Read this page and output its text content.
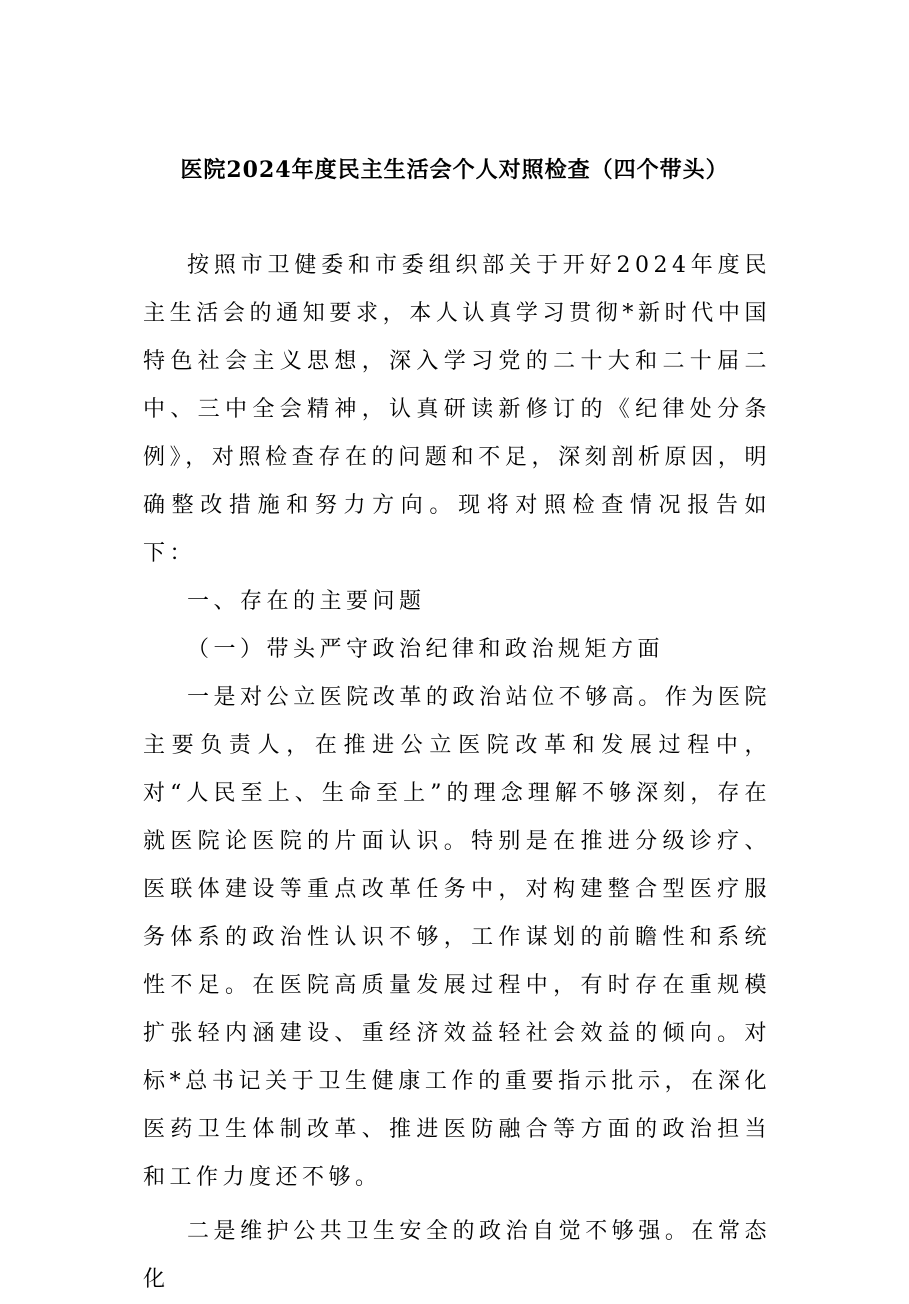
医院2024年度民主生活会个人对照检查（四个带头）

按照市卫健委和市委组织部关于开好2024年度民主生活会的通知要求，本人认真学习贯彻*新时代中国特色社会主义思想，深入学习党的二十大和二十届二中、三中全会精神，认真研读新修订的《纪律处分条例》，对照检查存在的问题和不足，深刻剖析原因，明确整改措施和努力方向。现将对照检查情况报告如下：

一、存在的主要问题

（一）带头严守政治纪律和政治规矩方面

一是对公立医院改革的政治站位不够高。作为医院主要负责人，在推进公立医院改革和发展过程中，对“人民至上、生命至上”的理念理解不够深刻，存在就医院论医院的片面认识。特别是在推进分级诊疗、医联体建设等重点改革任务中，对构建整合型医疗服务体系的政治性认识不够，工作谋划的前瞻性和系统性不足。在医院高质量发展过程中，有时存在重规模扩张轻内涵建设、重经济效益轻社会效益的倾向。对标*总书记关于卫生健康工作的重要指示批示，在深化医药卫生体制改革、推进医防融合等方面的政治担当和工作力度还不够。

二是维护公共卫生安全的政治自觉不够强。在常态化
